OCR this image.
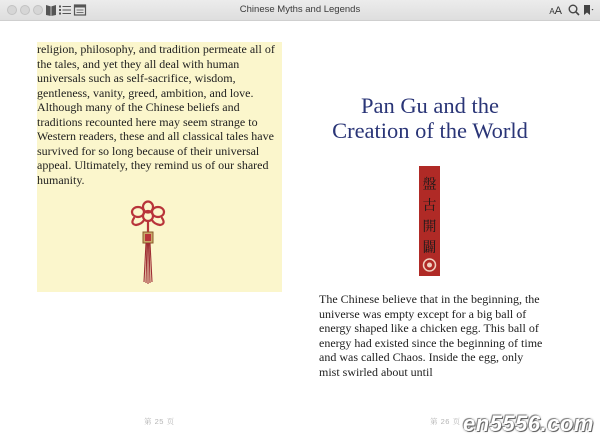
Chinese Myths and Legends	AA
religion, philosophy, and tradition permeate all of the tales, and yet they all deal with human universals such as self-sacrifice, wisdom, gentleness, vanity, greed, ambition, and love. Although many of the Chinese beliefs and traditions recounted here may seem strange to Western readers, these and all classical tales have survived for so long because of their universal appeal. Ultimately, they remind us of our shared humanity.
第 25 页
Pan Gu and the
Creation of the World
盤
古
開
闢
The Chinese believe that in the beginning, the universe was empty except for a big ball of energy shaped like a chicken egg. This ball of energy had existed since the beginning of time and was called Chaos. Inside the egg, only mist swirled about until
第 26 页 en5556.com
